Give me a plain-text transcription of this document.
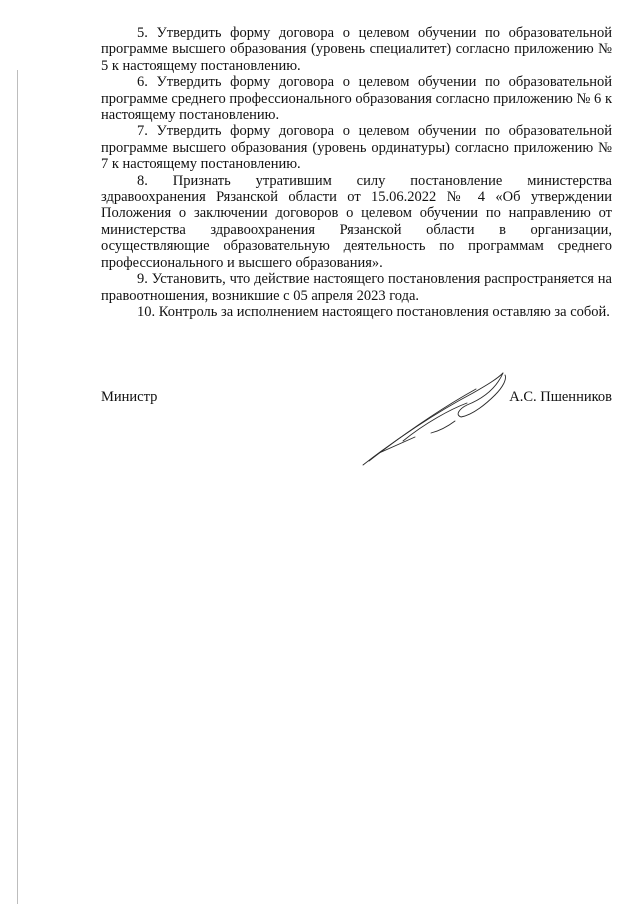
5. Утвердить форму договора о целевом обучении по образовательной программе высшего образования (уровень специалитет) согласно приложению № 5 к настоящему постановлению.

6. Утвердить форму договора о целевом обучении по образовательной программе среднего профессионального образования согласно приложению № 6 к настоящему постановлению.

7. Утвердить форму договора о целевом обучении по образовательной программе высшего образования (уровень ординатуры) согласно приложению № 7 к настоящему постановлению.

8. Признать утратившим силу постановление министерства здравоохранения Рязанской области от 15.06.2022 № 4 «Об утверждении Положения о заключении договоров о целевом обучении по направлению от министерства здравоохранения Рязанской области в организации, осуществляющие образовательную деятельность по программам среднего профессионального и высшего образования».

9. Установить, что действие настоящего постановления распространяется на правоотношения, возникшие с 05 апреля 2023 года.

10. Контроль за исполнением настоящего постановления оставляю за собой.

Министр	А.С. Пшенников
